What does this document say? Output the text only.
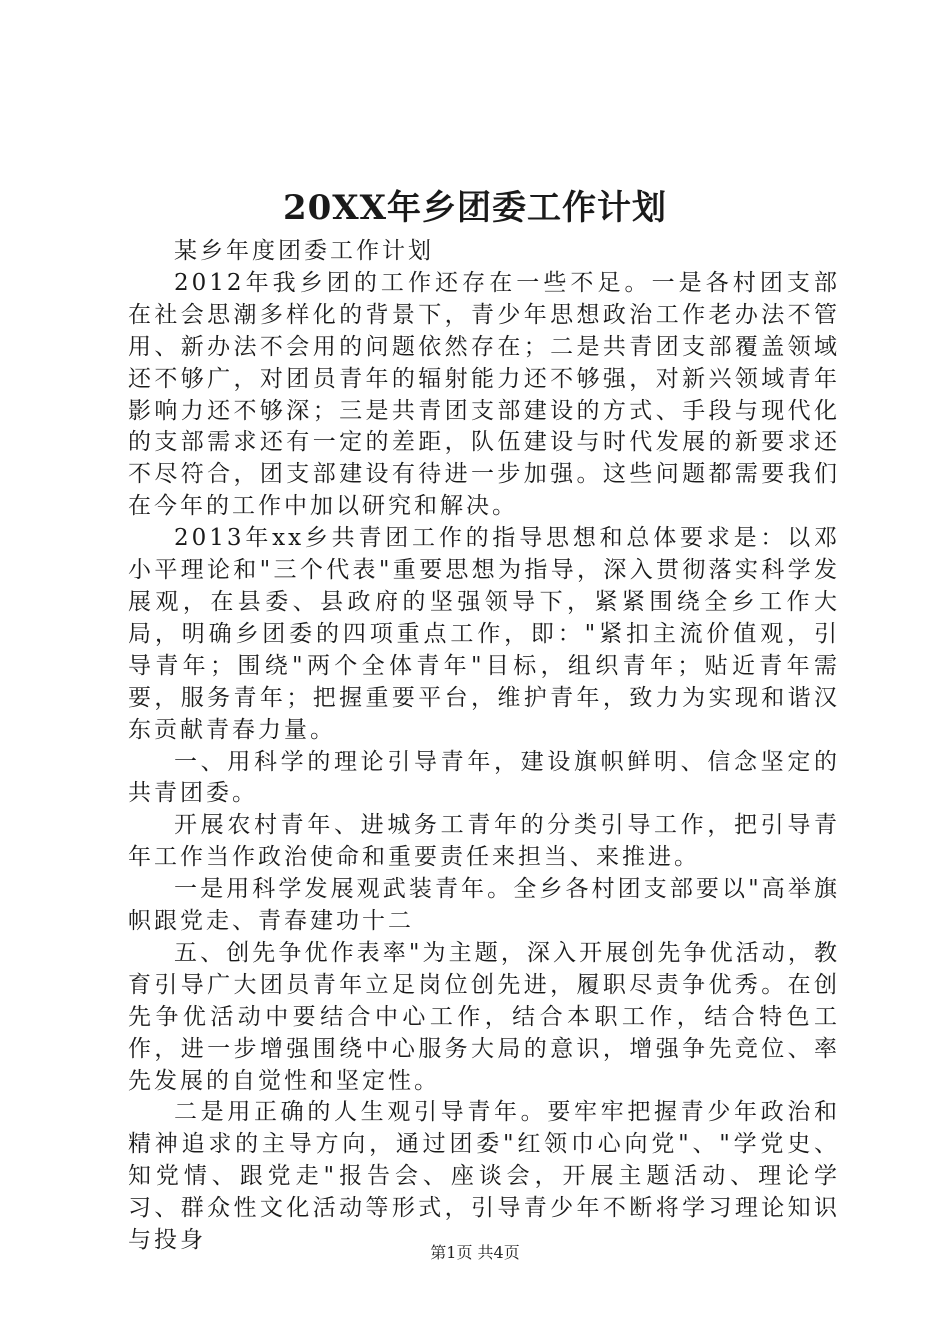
20XX年乡团委工作计划

某乡年度团委工作计划

2012年我乡团的工作还存在一些不足。一是各村团支部在社会思潮多样化的背景下，青少年思想政治工作老办法不管用、新办法不会用的问题依然存在；二是共青团支部覆盖领域还不够广，对团员青年的辐射能力还不够强，对新兴领域青年影响力还不够深；三是共青团支部建设的方式、手段与现代化的支部需求还有一定的差距，队伍建设与时代发展的新要求还不尽符合，团支部建设有待进一步加强。这些问题都需要我们在今年的工作中加以研究和解决。

2013年xx乡共青团工作的指导思想和总体要求是：以邓小平理论和"三个代表"重要思想为指导，深入贯彻落实科学发展观，在县委、县政府的坚强领导下，紧紧围绕全乡工作大局，明确乡团委的四项重点工作，即："紧扣主流价值观，引导青年；围绕"两个全体青年"目标，组织青年；贴近青年需要，服务青年；把握重要平台，维护青年，致力为实现和谐汉东贡献青春力量。

一、用科学的理论引导青年，建设旗帜鲜明、信念坚定的共青团委。

开展农村青年、进城务工青年的分类引导工作，把引导青年工作当作政治使命和重要责任来担当、来推进。

一是用科学发展观武装青年。全乡各村团支部要以"高举旗帜跟党走、青春建功十二

五、创先争优作表率"为主题，深入开展创先争优活动，教育引导广大团员青年立足岗位创先进，履职尽责争优秀。在创先争优活动中要结合中心工作，结合本职工作，结合特色工作，进一步增强围绕中心服务大局的意识，增强争先竞位、率先发展的自觉性和坚定性。

二是用正确的人生观引导青年。要牢牢把握青少年政治和精神追求的主导方向，通过团委"红领巾心向党"、"学党史、知党情、跟党走"报告会、座谈会，开展主题活动、理论学习、群众性文化活动等形式，引导青少年不断将学习理论知识与投身	第1页 共4页
